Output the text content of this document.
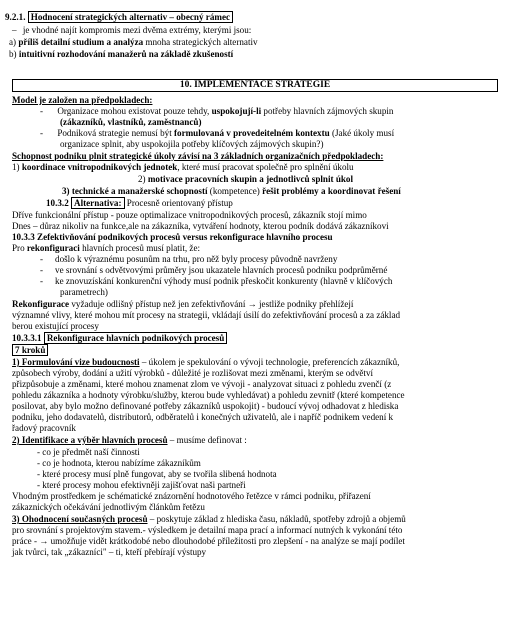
9.2.1. Hodnocení strategických alternativ – obecný rámec
– je vhodné najít kompromis mezi dvěma extrémy, kterými jsou:
a) příliš detailní studium a analýza mnoha strategických alternativ
b) intuitivní rozhodování manažerů na základě zkušeností
10. IMPLEMENTACE STRATEGIE
Model je založen na předpokladech:
- Organizace mohou existovat pouze tehdy, uspokojují-li potřeby hlavních zájmových skupin
(zákazníků, vlastníků, zaměstnanců)
- Podniková strategie nemusí být formulovaná v provedeitelném kontextu (Jaké úkoly musí
organizace splnit, aby uspokojila potřeby klíčových zájmových skupin?)
Schopnost podniku plnit strategické úkoly závisí na 3 základních organizačních předpokladech:
1) koordinace vnitropodnikových jednotek, které musí pracovat společně pro splnění úkolu
2) motivace pracovních skupin a jednotlivců splnit úkol
3) technické a manažerské schopností (kompetence) řešit problémy a koordinovat řešení
10.3.2 Alternativa: Procesně orientovaný přístup
Dříve funkcionální přístup - pouze optimalizace vnitropodnikových procesů, zákazník stojí mimo
Dnes – důraz nikoliv na funkce,ale na zákazníka, vytváření hodnoty, kterou podník dodává zákazníkovi
10.3.3 Zefektivňování podnikových procesů versus rekonfigurace hlavního procesu
Pro rekonfiguraci hlavních procesů musí platit, že:
- došlo k výraznému posunům na trhu, pro něž byly procesy původně navrženy
- ve srovnání s odvětvovými průměry jsou ukazatele hlavních procesů podniku podprůměrné
- ke znovuzískání konkurenční výhody musí podnik přeskočit konkurenty (hlavně v klíčových
parametrech)
Rekonfigurace vyžaduje odlišný přístup než jen zefektivňování → jestliže podniky přehlížejí
významné vlivy, které mohou mít procesy na strategii, vkládají úsilí do zefektivňování procesů a za základ
berou existující procesy
10.3.3.1 Rekonfigurace hlavních podnikových procesů
7 kroků
1) Formulování vize budoucnosti – úkolem je spekulování o vývoji technologie, preferencích zákazníků,
způsobech výroby, dodání a užití výrobků - důležité je rozlišovat mezi změnami, kterým se odvětví
přizpůsobuje a změnami, které mohou znamenat zlom ve vývoji - analyzovat situaci z pohledu zvenčí (z
pohledu zákazníka a hodnoty výrobku/služby, kterou bude vyhledávat) a pohledu zevnitř (které kompetence
posilovat, aby bylo možno definované potřeby zákazníků uspokojit) - budoucí vývoj odhadovat z hlediska
podniku, jeho dodavatelů, distributorů, odběratelů i konečných uživatelů, ale i napříč podnikem vedení k
řadový pracovník
2) Identifikace a výběr hlavních procesů – musíme definovat :
- co je předmět naší činnosti
- co je hodnota, kterou nabízíme zákazníkům
- které procesy musí plně fungovat, aby se tvořila slibená hodnota
- které procesy mohou efektivněji zajišťovat naši partneři
Vhodným prostředkem je schématické znázornění hodnotového řetězce v rámci podniku, přiřazení
zákaznických očekávání jednotlivým článkům řetězu
3) Ohodnocení současných procesů – poskytuje základ z hlediska času, nákladů, spotřeby zdrojů a objemů
pro srovnání s projektovým stavem.- výsledkem je detailní mapa prací a informací nutných k vykonání této
práce - → umožňuje vidět krátkodobé nebo dlouhodobé příležitosti pro zlepšení - na analýze se mají podílet
jak tvůrci, tak „zákazníci" – ti, kteří přebírají výstupy
